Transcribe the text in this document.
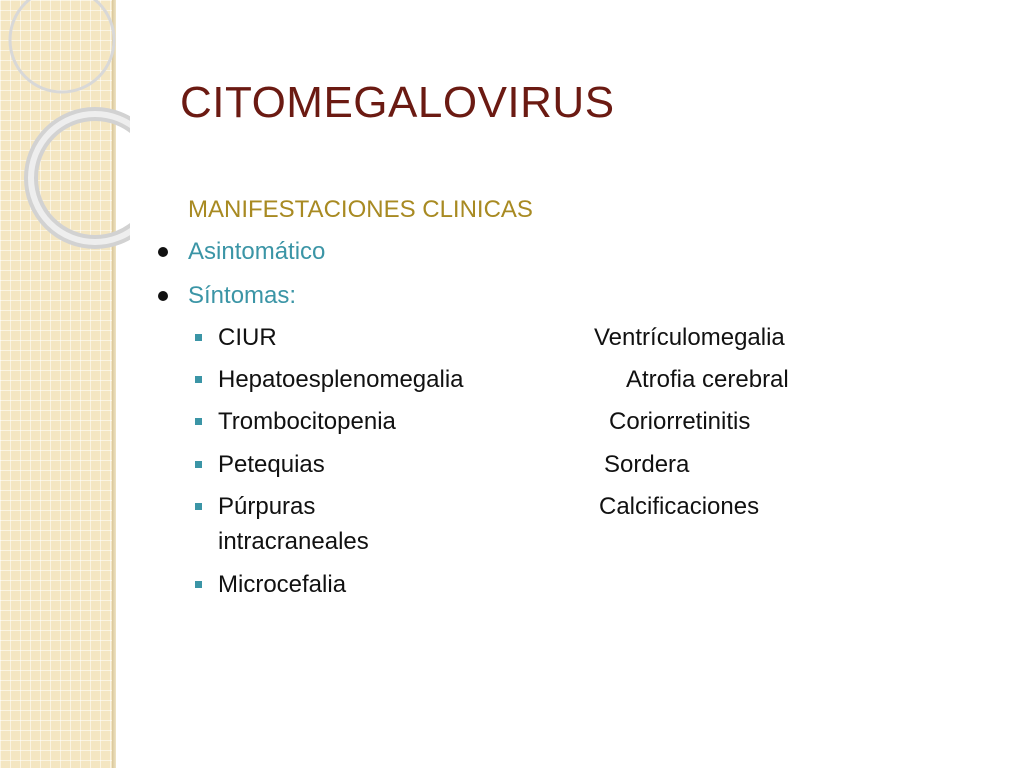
CITOMEGALOVIRUS
MANIFESTACIONES CLINICAS
Asintomático
Síntomas:
CIUR	Ventrículomegalia
Hepatoesplenomegalia	Atrofia cerebral
Trombocitopenia	Coriorretinitis
Petequias	Sordera
Púrpuras	Calcificaciones
intracraneales
Microcefalia
